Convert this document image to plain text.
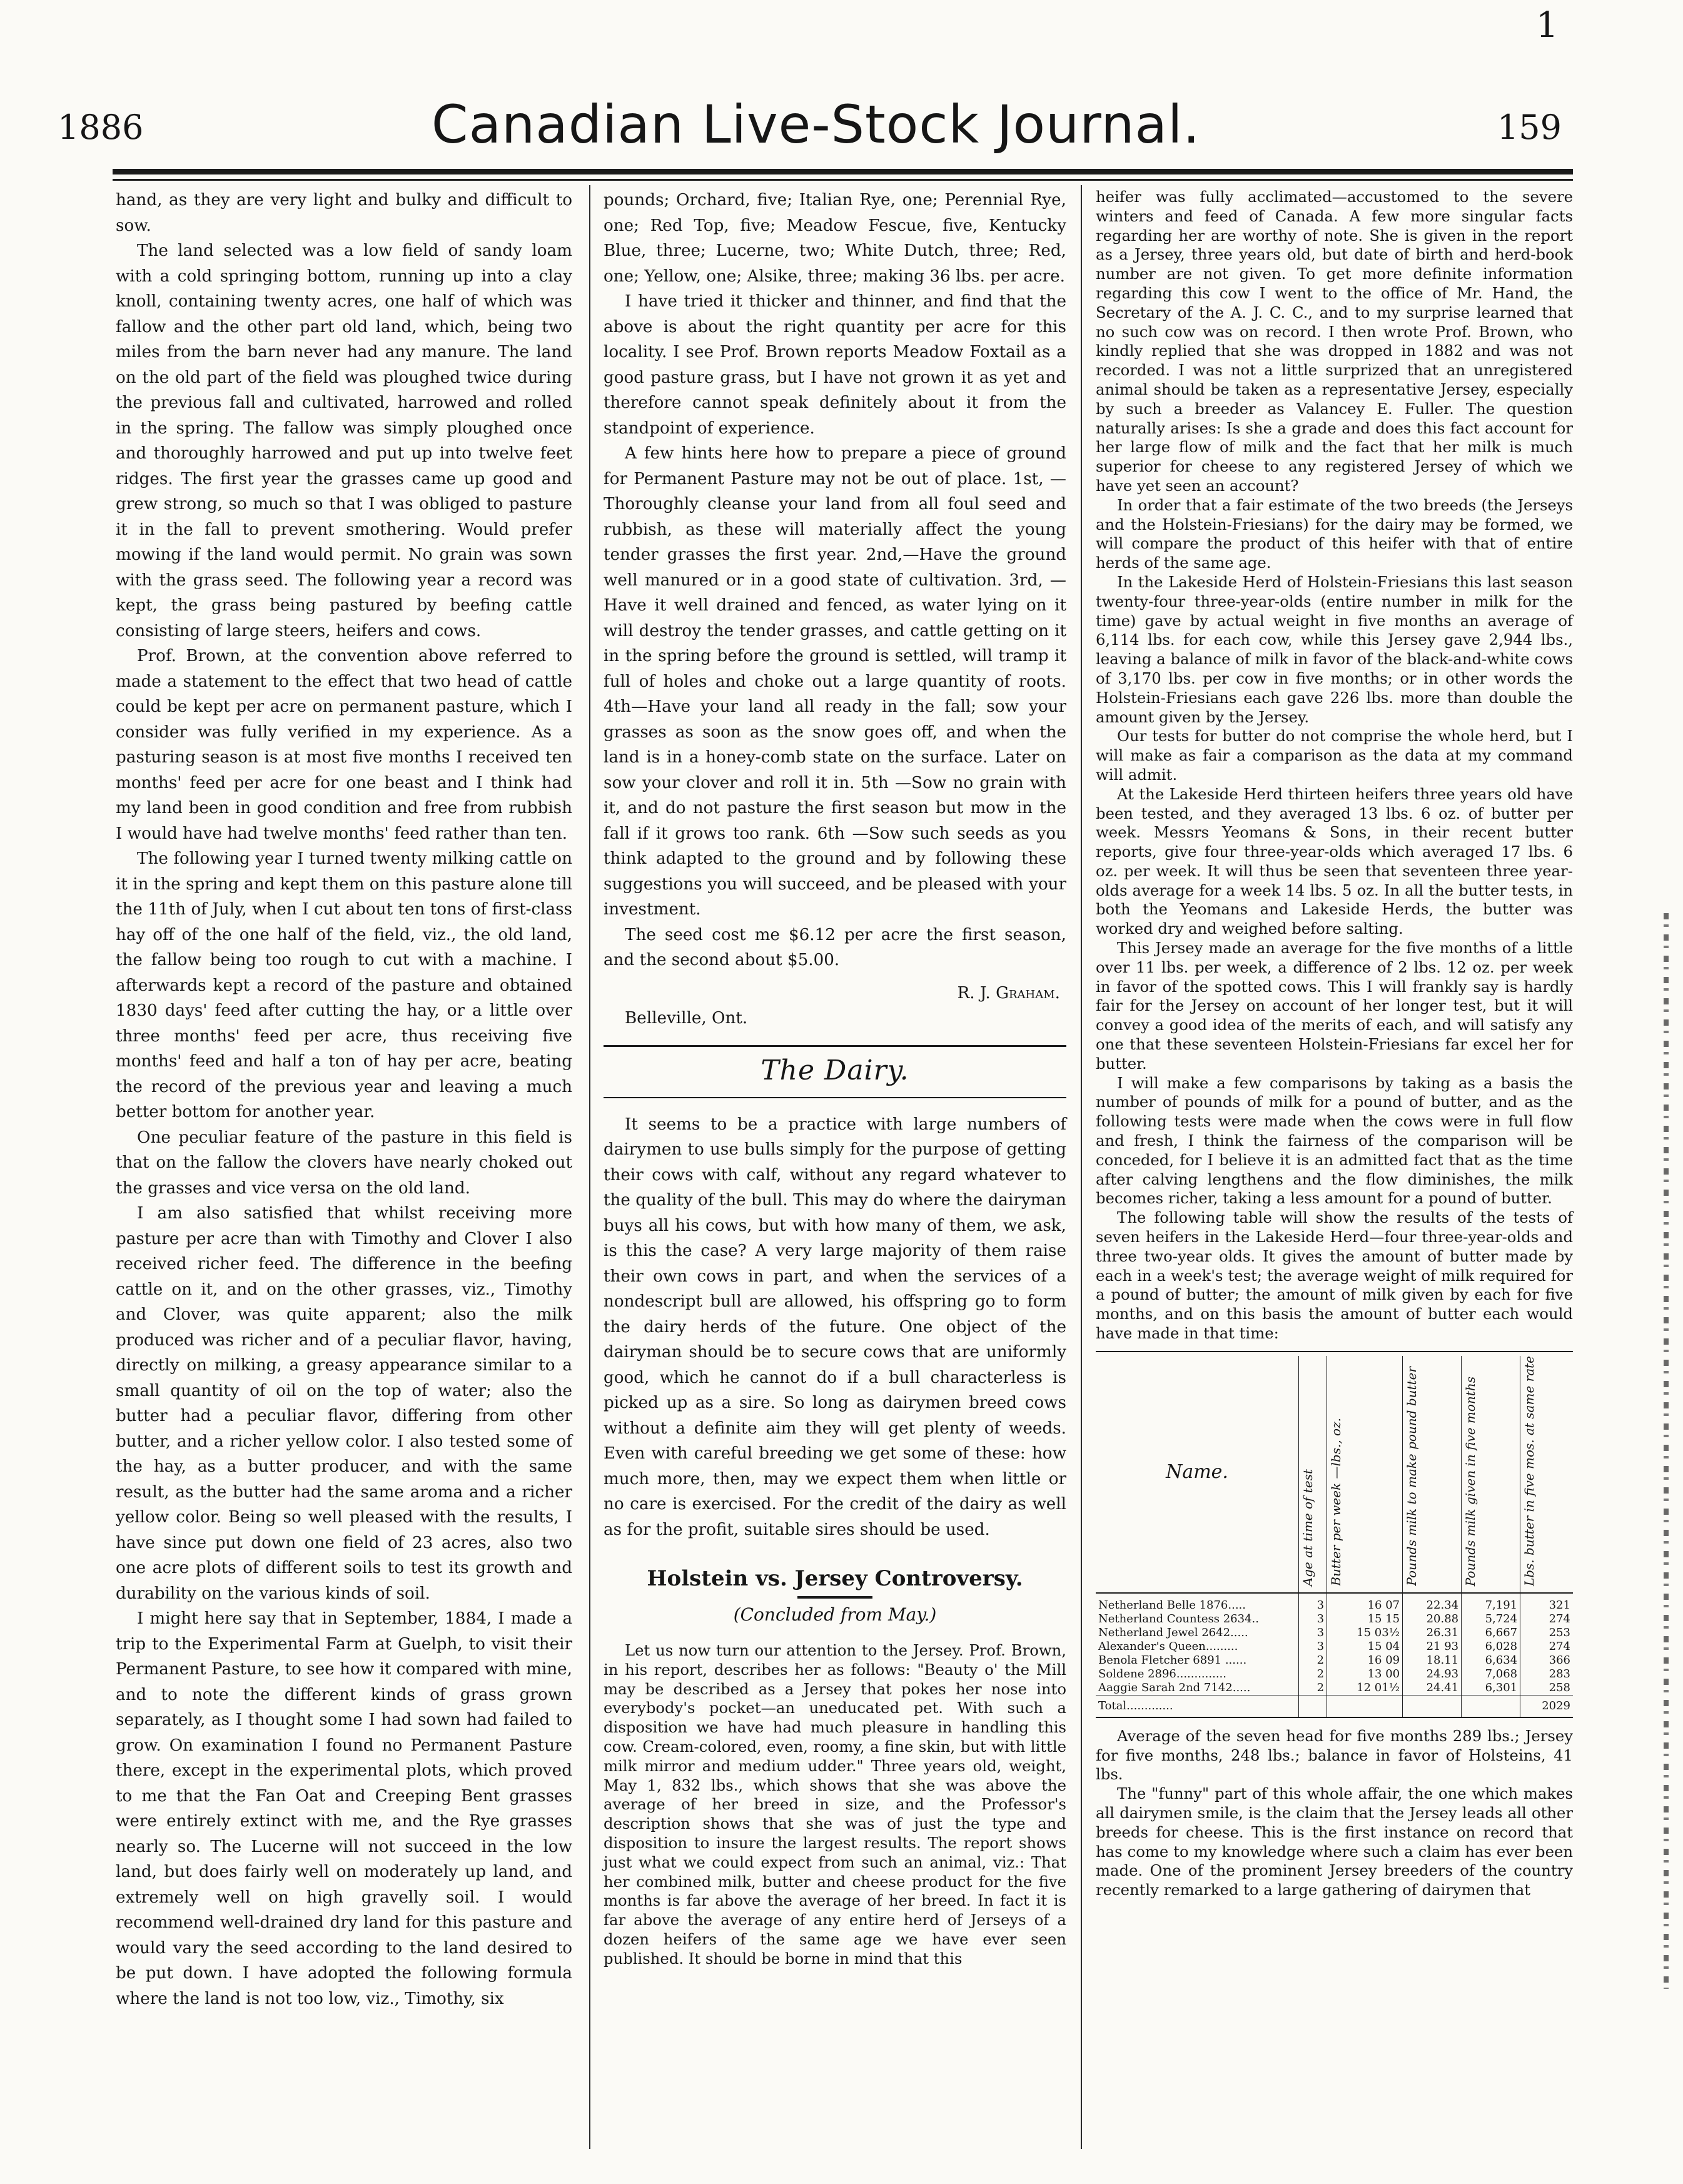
1
1886	Canadian Live-Stock Journal.	159

hand, as they are very light and bulky and difficult to sow.

The land selected was a low field of sandy loam with a cold springing bottom, running up into a clay knoll, containing twenty acres, one half of which was fallow and the other part old land, which, being two miles from the barn never had any manure. The land on the old part of the field was ploughed twice during the previous fall and cultivated, harrowed and rolled in the spring. The fallow was simply ploughed once and thoroughly harrowed and put up into twelve feet ridges. The first year the grasses came up good and grew strong, so much so that I was obliged to pasture it in the fall to prevent smothering. Would prefer mowing if the land would permit. No grain was sown with the grass seed. The following year a record was kept, the grass being pastured by beefing cattle consisting of large steers, heifers and cows.

Prof. Brown, at the convention above referred to made a statement to the effect that two head of cattle could be kept per acre on permanent pasture, which I consider was fully verified in my experience. As a pasturing season is at most five months I received ten months' feed per acre for one beast and I think had my land been in good condition and free from rubbish I would have had twelve months' feed rather than ten.

The following year I turned twenty milking cattle on it in the spring and kept them on this pasture alone till the 11th of July, when I cut about ten tons of first-class hay off of the one half of the field, viz., the old land, the fallow being too rough to cut with a machine. I afterwards kept a record of the pasture and obtained 1830 days' feed after cutting the hay, or a little over three months' feed per acre, thus receiving five months' feed and half a ton of hay per acre, beating the record of the previous year and leaving a much better bottom for another year.

One peculiar feature of the pasture in this field is that on the fallow the clovers have nearly choked out the grasses and vice versa on the old land.

I am also satisfied that whilst receiving more pasture per acre than with Timothy and Clover I also received richer feed. The difference in the beefing cattle on it, and on the other grasses, viz., Timothy and Clover, was quite apparent; also the milk produced was richer and of a peculiar flavor, having, directly on milking, a greasy appearance similar to a small quantity of oil on the top of water; also the butter had a peculiar flavor, differing from other butter, and a richer yellow color. I also tested some of the hay, as a butter producer, and with the same result, as the butter had the same aroma and a richer yellow color. Being so well pleased with the results, I have since put down one field of 23 acres, also two one acre plots of different soils to test its growth and durability on the various kinds of soil.

I might here say that in September, 1884, I made a trip to the Experimental Farm at Guelph, to visit their Permanent Pasture, to see how it compared with mine, and to note the different kinds of grass grown separately, as I thought some I had sown had failed to grow. On examination I found no Permanent Pasture there, except in the experimental plots, which proved to me that the Fan Oat and Creeping Bent grasses were entirely extinct with me, and the Rye grasses nearly so. The Lucerne will not succeed in the low land, but does fairly well on moderately up land, and extremely well on high gravelly soil. I would recommend well-drained dry land for this pasture and would vary the seed according to the land desired to be put down. I have adopted the following formula where the land is not too low, viz., Timothy, six

pounds; Orchard, five; Italian Rye, one; Perennial Rye, one; Red Top, five; Meadow Fescue, five, Kentucky Blue, three; Lucerne, two; White Dutch, three; Red, one; Yellow, one; Alsike, three; making 36 lbs. per acre.

I have tried it thicker and thinner, and find that the above is about the right quantity per acre for this locality. I see Prof. Brown reports Meadow Foxtail as a good pasture grass, but I have not grown it as yet and therefore cannot speak definitely about it from the standpoint of experience.

A few hints here how to prepare a piece of ground for Permanent Pasture may not be out of place. 1st, —Thoroughly cleanse your land from all foul seed and rubbish, as these will materially affect the young tender grasses the first year. 2nd,—Have the ground well manured or in a good state of cultivation. 3rd, —Have it well drained and fenced, as water lying on it will destroy the tender grasses, and cattle getting on it in the spring before the ground is settled, will tramp it full of holes and choke out a large quantity of roots. 4th—Have your land all ready in the fall; sow your grasses as soon as the snow goes off, and when the land is in a honey-comb state on the surface. Later on sow your clover and roll it in. 5th —Sow no grain with it, and do not pasture the first season but mow in the fall if it grows too rank. 6th —Sow such seeds as you think adapted to the ground and by following these suggestions you will succeed, and be pleased with your investment.

The seed cost me $6.12 per acre the first season, and the second about $5.00.

R. J. Graham.

Belleville, Ont.

The Dairy.

It seems to be a practice with large numbers of dairymen to use bulls simply for the purpose of getting their cows with calf, without any regard whatever to the quality of the bull. This may do where the dairyman buys all his cows, but with how many of them, we ask, is this the case? A very large majority of them raise their own cows in part, and when the services of a nondescript bull are allowed, his offspring go to form the dairy herds of the future. One object of the dairyman should be to secure cows that are uniformly good, which he cannot do if a bull characterless is picked up as a sire. So long as dairymen breed cows without a definite aim they will get plenty of weeds. Even with careful breeding we get some of these: how much more, then, may we expect them when little or no care is exercised. For the credit of the dairy as well as for the profit, suitable sires should be used.

Holstein vs. Jersey Controversy.
(Concluded from May.)

Let us now turn our attention to the Jersey. Prof. Brown, in his report, describes her as follows: "Beauty o' the Mill may be described as a Jersey that pokes her nose into everybody's pocket—an uneducated pet. With such a disposition we have had much pleasure in handling this cow. Cream-colored, even, roomy, a fine skin, but with little milk mirror and medium udder." Three years old, weight, May 1, 832 lbs., which shows that she was above the average of her breed in size, and the Professor's description shows that she was of just the type and disposition to insure the largest results. The report shows just what we could expect from such an animal, viz.: That her combined milk, butter and cheese product for the five months is far above the average of her breed. In fact it is far above the average of any entire herd of Jerseys of a dozen heifers of the same age we have ever seen published. It should be borne in mind that this

heifer was fully acclimated—accustomed to the severe winters and feed of Canada. A few more singular facts regarding her are worthy of note. She is given in the report as a Jersey, three years old, but date of birth and herd-book number are not given. To get more definite information regarding this cow I went to the office of Mr. Hand, the Secretary of the A. J. C. C., and to my surprise learned that no such cow was on record. I then wrote Prof. Brown, who kindly replied that she was dropped in 1882 and was not recorded. I was not a little surprized that an unregistered animal should be taken as a representative Jersey, especially by such a breeder as Valancey E. Fuller. The question naturally arises: Is she a grade and does this fact account for her large flow of milk and the fact that her milk is much superior for cheese to any registered Jersey of which we have yet seen an account?

In order that a fair estimate of the two breeds (the Jerseys and the Holstein-Friesians) for the dairy may be formed, we will compare the product of this heifer with that of entire herds of the same age.

In the Lakeside Herd of Holstein-Friesians this last season twenty-four three-year-olds (entire number in milk for the time) gave by actual weight in five months an average of 6,114 lbs. for each cow, while this Jersey gave 2,944 lbs., leaving a balance of milk in favor of the black-and-white cows of 3,170 lbs. per cow in five months; or in other words the Holstein-Friesians each gave 226 lbs. more than double the amount given by the Jersey.

Our tests for butter do not comprise the whole herd, but I will make as fair a comparison as the data at my command will admit.

At the Lakeside Herd thirteen heifers three years old have been tested, and they averaged 13 lbs. 6 oz. of butter per week. Messrs Yeomans & Sons, in their recent butter reports, give four three-year-olds which averaged 17 lbs. 6 oz. per week. It will thus be seen that seventeen three year-olds average for a week 14 lbs. 5 oz. In all the butter tests, in both the Yeomans and Lakeside Herds, the butter was worked dry and weighed before salting.

This Jersey made an average for the five months of a little over 11 lbs. per week, a difference of 2 lbs. 12 oz. per week in favor of the spotted cows. This I will frankly say is hardly fair for the Jersey on account of her longer test, but it will convey a good idea of the merits of each, and will satisfy any one that these seventeen Holstein-Friesians far excel her for butter.

I will make a few comparisons by taking as a basis the number of pounds of milk for a pound of butter, and as the following tests were made when the cows were in full flow and fresh, I think the fairness of the comparison will be conceded, for I believe it is an admitted fact that as the time after calving lengthens and the flow diminishes, the milk becomes richer, taking a less amount for a pound of butter.

The following table will show the results of the tests of seven heifers in the Lakeside Herd—four three-year-olds and three two-year olds. It gives the amount of butter made by each in a week's test; the average weight of milk required for a pound of butter; the amount of milk given by each for five months, and on this basis the amount of butter each would have made in that time:

Name.	Age at time of test	Butter per week —lbs., oz.	Pounds milk to make pound butter	Pounds milk given in five months	Lbs. butter in five mos. at same rate
Netherland Belle 1876.....	3	16 07	22.34	7,191	321
Netherland Countess 2634..	3	15 15	20.88	5,724	274
Netherland Jewel 2642.....	3	15 03½	26.31	6,667	253
Alexander's Queen.........	3	15 04	21 93	6,028	274
Benola Fletcher 6891 ......	2	16 09	18.11	6,634	366
Soldene 2896..............	2	13 00	24.93	7,068	283
Aaggie Sarah 2nd 7142.....	2	12 01½	24.41	6,301	258
Total.............					2029

Average of the seven head for five months 289 lbs.; Jersey for five months, 248 lbs.; balance in favor of Holsteins, 41 lbs.

The "funny" part of this whole affair, the one which makes all dairymen smile, is the claim that the Jersey leads all other breeds for cheese. This is the first instance on record that has come to my knowledge where such a claim has ever been made. One of the prominent Jersey breeders of the country recently remarked to a large gathering of dairymen that
